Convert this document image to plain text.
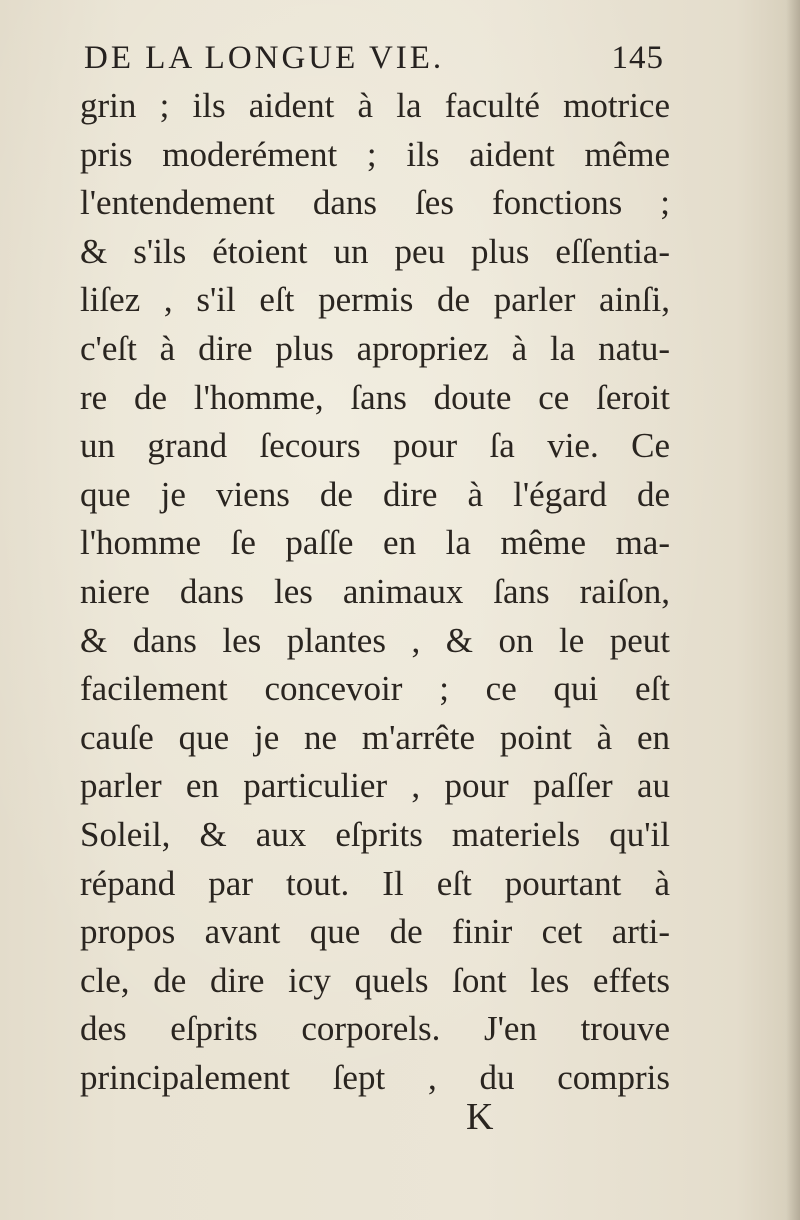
DE LA LONGUE VIE.	145
grin ; ils aident à la faculté motrice
pris moderément ; ils aident même
l'entendement dans ſes fonctions ;
& s'ils étoient un peu plus eſſentia-
liſez , s'il eſt permis de parler ainſi,
c'eſt à dire plus apropriez à la natu-
re de l'homme, ſans doute ce ſeroit
un grand ſecours pour ſa vie. Ce
que je viens de dire à l'égard de
l'homme ſe paſſe en la même ma-
niere dans les animaux ſans raiſon,
& dans les plantes , & on le peut
facilement concevoir ; ce qui eſt
cauſe que je ne m'arrête point à en
parler en particulier , pour paſſer au
Soleil, & aux eſprits materiels qu'il
répand par tout. Il eſt pourtant à
propos avant que de finir cet arti-
cle, de dire icy quels ſont les effets
des eſprits corporels. J'en trouve
principalement ſept , du compris
K
